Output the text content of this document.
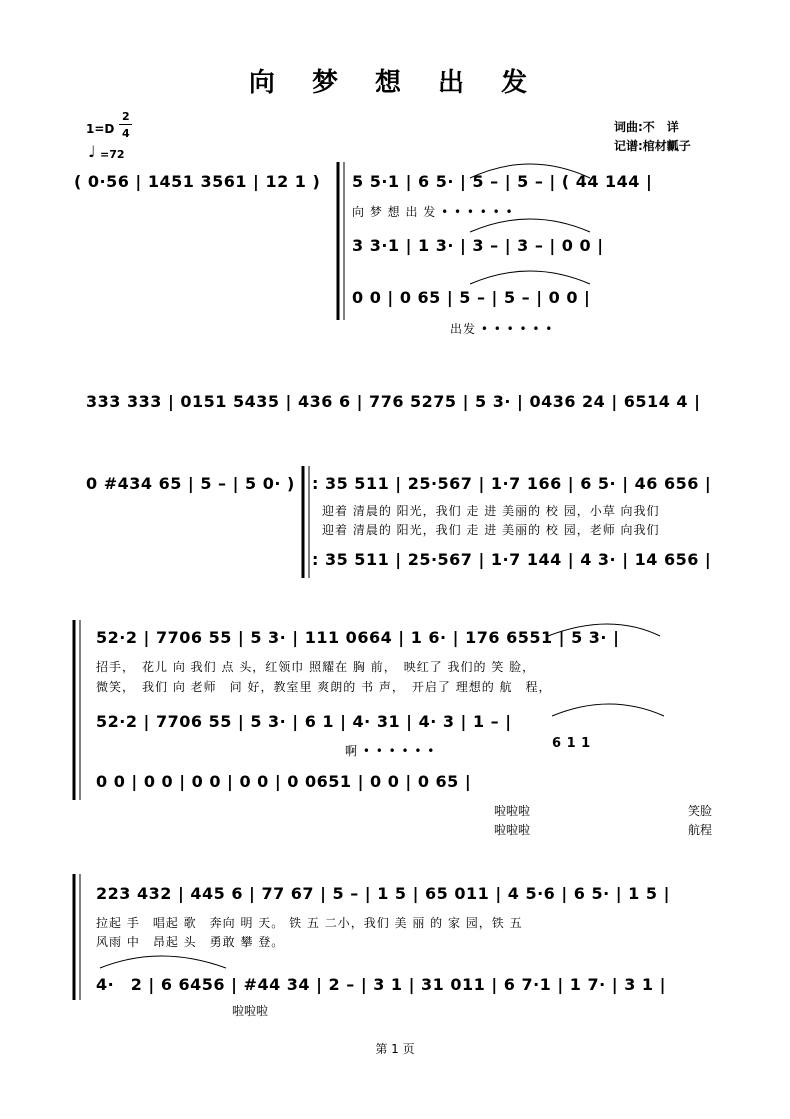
向 梦 想 出 发
1=D
2
4
♩ =72
词曲:不　详
记谱:棺材瓤子
( 0·56 | 1451 3561 | 12 1 ) 5 5·1 | 6 5· | 5 – | 5 – | ( 44 144 |
向 梦 想 出 发 • • • • • •
3 3·1 | 1 3· | 3 – | 3 – | 0 0 |
0 0 | 0 65 | 5 – | 5 – | 0 0 |
出发 • • • • • •
333 333 | 0151 5435 | 436 6 | 776 5275 | 5 3· | 0436 24 | 6514 4 |
0 #434 65 | 5 – | 5 0· ) : 35 511 | 25·567 | 1·7 166 | 6 5· | 46 656 |
迎着 清晨的 阳光，我们 走 进 美丽的 校 园，小草 向我们
迎着 清晨的 阳光，我们 走 进 美丽的 校 园，老师 向我们
: 35 511 | 25·567 | 1·7 144 | 4 3· | 14 656 |
52·2 | 7706 55 | 5 3· | 111 0664 | 1 6· | 176 6551 | 5 3· |
招手，　花儿 向 我们 点 头，红领巾 照耀在 胸 前，　映红了 我们的 笑 脸，
微笑，　我们 向 老师　问 好，教室里 爽朗的 书 声，　开启了 理想的 航　程，
52·2 | 7706 55 | 5 3· | 6 1 | 4· 31 | 4· 3 | 1 – |
啊 • • • • • •	6 1 1
0 0 | 0 0 | 0 0 | 0 0 | 0 0651 | 0 0 | 0 65 |
啦啦啦
啦啦啦
笑脸
航程
223 432 | 445 6 | 77 67 | 5 – | 1 5 | 65 011 | 4 5·6 | 6 5· | 1 5 |
拉起 手　唱起 歌　奔向 明 天。 铁 五 二小，我们 美 丽 的 家 园，铁 五
风雨 中　昂起 头　勇敢 攀 登。
4·　2 | 6 6456 | #44 34 | 2 – | 3 1 | 31 011 | 6 7·1 | 1 7· | 3 1 |
啦啦啦
第 1 页
